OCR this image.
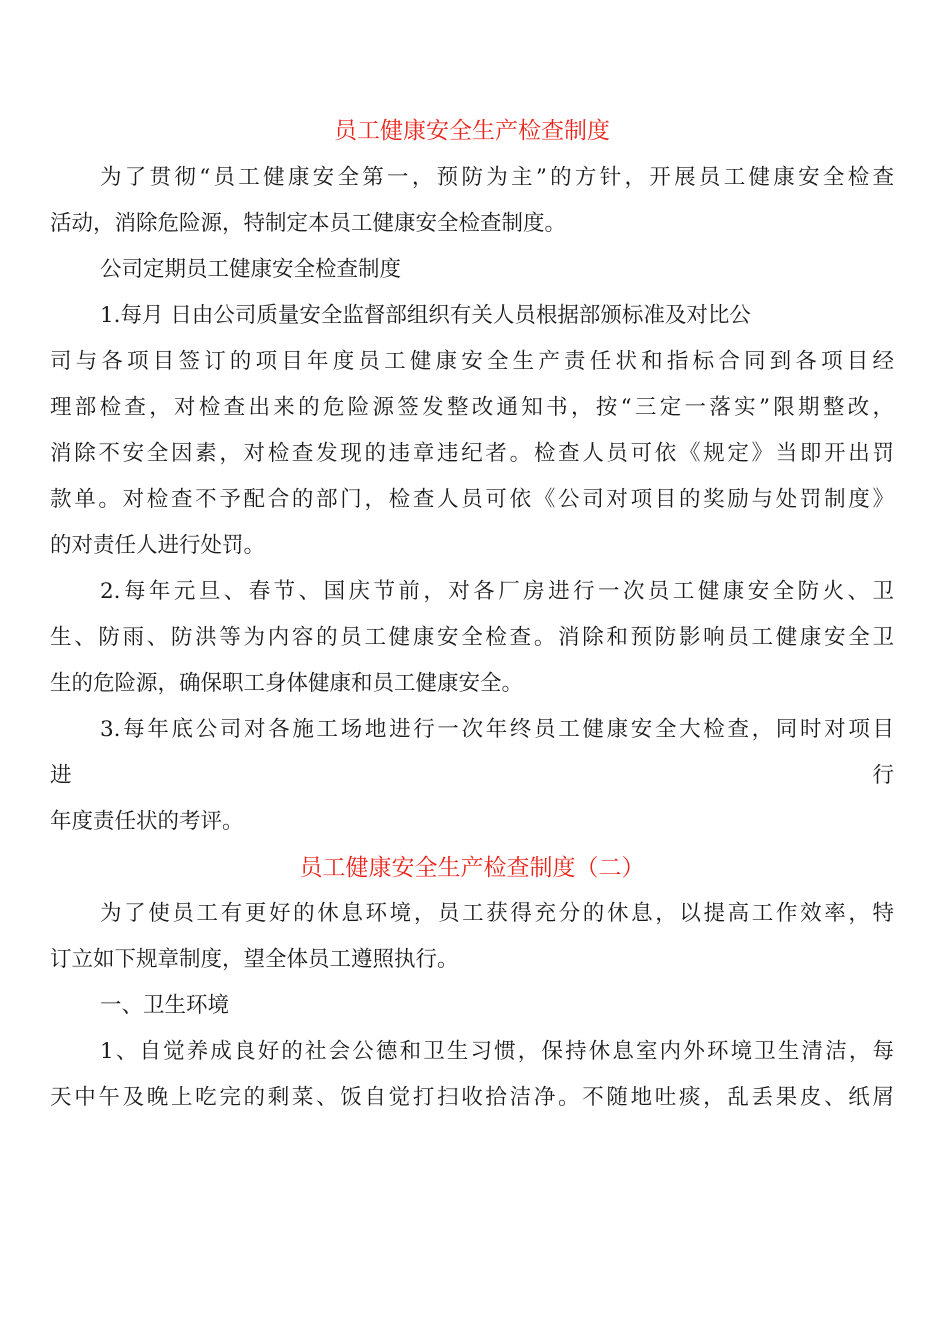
员工健康安全生产检查制度
为了贯彻“员工健康安全第一，预防为主”的方针，开展员工健康安全检查
活动，消除危险源，特制定本员工健康安全检查制度。
公司定期员工健康安全检查制度
1.每月 日由公司质量安全监督部组织有关人员根据部颁标准及对比公
司与各项目签订的项目年度员工健康安全生产责任状和指标合同到各项目经
理部检查，对检查出来的危险源签发整改通知书，按“三定一落实”限期整改，
消除不安全因素，对检查发现的违章违纪者。检查人员可依《规定》当即开出罚
款单。对检查不予配合的部门，检查人员可依《公司对项目的奖励与处罚制度》
的对责任人进行处罚。
2.每年元旦、春节、国庆节前，对各厂房进行一次员工健康安全防火、卫
生、防雨、防洪等为内容的员工健康安全检查。消除和预防影响员工健康安全卫
生的危险源，确保职工身体健康和员工健康安全。
3.每年底公司对各施工场地进行一次年终员工健康安全大检查，同时对项目
进	行
年度责任状的考评。
员工健康安全生产检查制度（二）
为了使员工有更好的休息环境，员工获得充分的休息，以提高工作效率，特
订立如下规章制度，望全体员工遵照执行。
一、卫生环境
1、自觉养成良好的社会公德和卫生习惯，保持休息室内外环境卫生清洁，每
天中午及晚上吃完的剩菜、饭自觉打扫收拾洁净。不随地吐痰，乱丢果皮、纸屑
